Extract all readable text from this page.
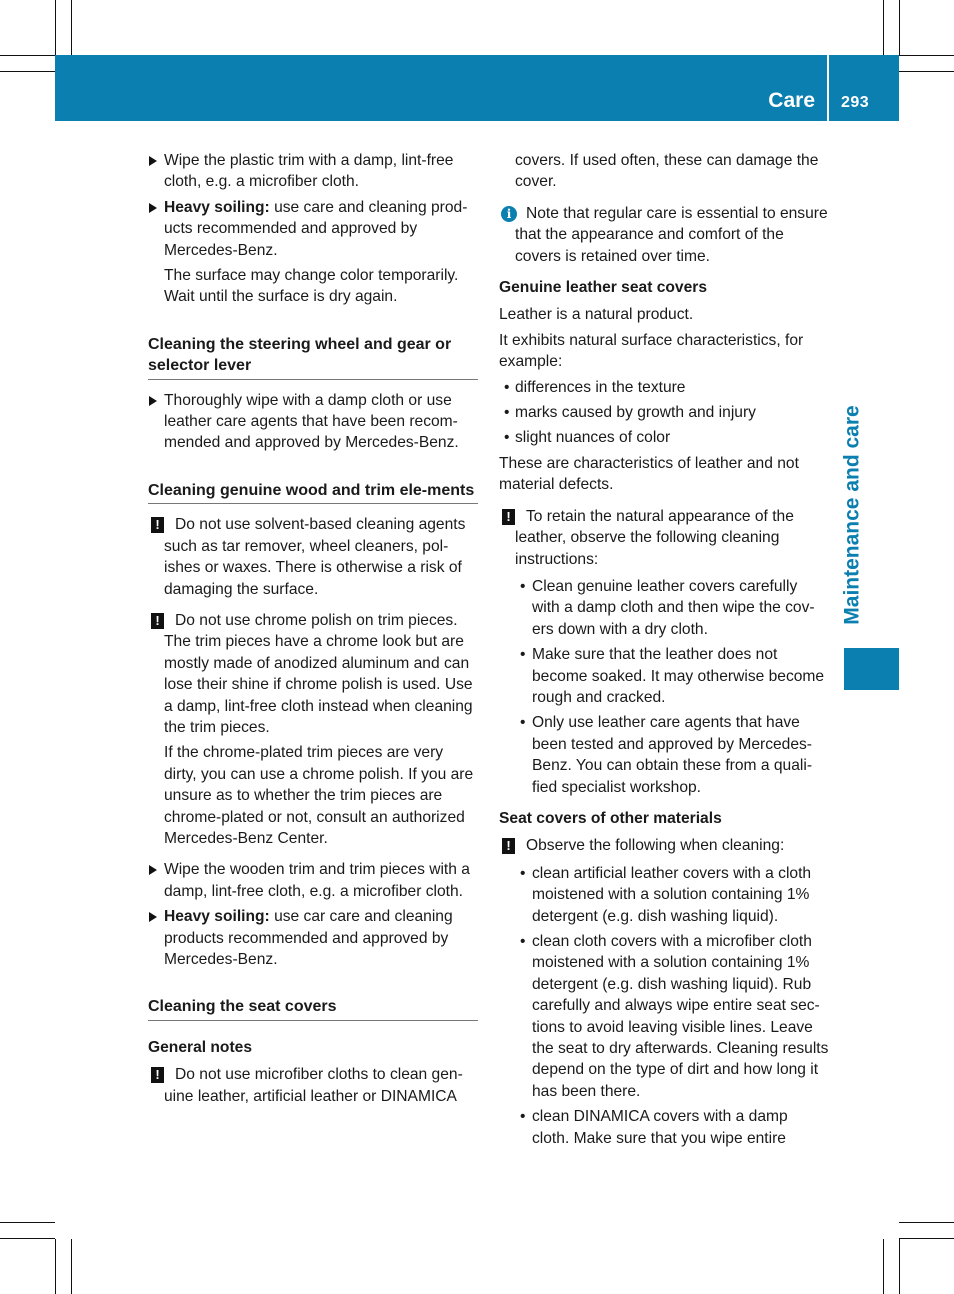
Care 293
Maintenance and care
Wipe the plastic trim with a damp, lint-free cloth, e.g. a microfiber cloth.
Heavy soiling: use care and cleaning prod-ucts recommended and approved by Mercedes-Benz.
The surface may change color temporarily. Wait until the surface is dry again.
Cleaning the steering wheel and gear or selector lever
Thoroughly wipe with a damp cloth or use leather care agents that have been recom-mended and approved by Mercedes-Benz.
Cleaning genuine wood and trim ele-ments
! Do not use solvent-based cleaning agents such as tar remover, wheel cleaners, pol-ishes or waxes. There is otherwise a risk of damaging the surface.
! Do not use chrome polish on trim pieces. The trim pieces have a chrome look but are mostly made of anodized aluminum and can lose their shine if chrome polish is used. Use a damp, lint-free cloth instead when cleaning the trim pieces.
If the chrome-plated trim pieces are very dirty, you can use a chrome polish. If you are unsure as to whether the trim pieces are chrome-plated or not, consult an authorized Mercedes-Benz Center.
Wipe the wooden trim and trim pieces with a damp, lint-free cloth, e.g. a microfiber cloth.
Heavy soiling: use car care and cleaning products recommended and approved by Mercedes-Benz.
Cleaning the seat covers
General notes
! Do not use microfiber cloths to clean gen-uine leather, artificial leather or DINAMICA
covers. If used often, these can damage the cover.
i Note that regular care is essential to ensure that the appearance and comfort of the covers is retained over time.
Genuine leather seat covers
Leather is a natural product.
It exhibits natural surface characteristics, for example:
• differences in the texture
• marks caused by growth and injury
• slight nuances of color
These are characteristics of leather and not material defects.
! To retain the natural appearance of the leather, observe the following cleaning instructions:
• Clean genuine leather covers carefully with a damp cloth and then wipe the cov-ers down with a dry cloth.
• Make sure that the leather does not become soaked. It may otherwise become rough and cracked.
• Only use leather care agents that have been tested and approved by Mercedes-Benz. You can obtain these from a quali-fied specialist workshop.
Seat covers of other materials
! Observe the following when cleaning:
• clean artificial leather covers with a cloth moistened with a solution containing 1% detergent (e.g. dish washing liquid).
• clean cloth covers with a microfiber cloth moistened with a solution containing 1% detergent (e.g. dish washing liquid). Rub carefully and always wipe entire seat sec-tions to avoid leaving visible lines. Leave the seat to dry afterwards. Cleaning results depend on the type of dirt and how long it has been there.
• clean DINAMICA covers with a damp cloth. Make sure that you wipe entire
